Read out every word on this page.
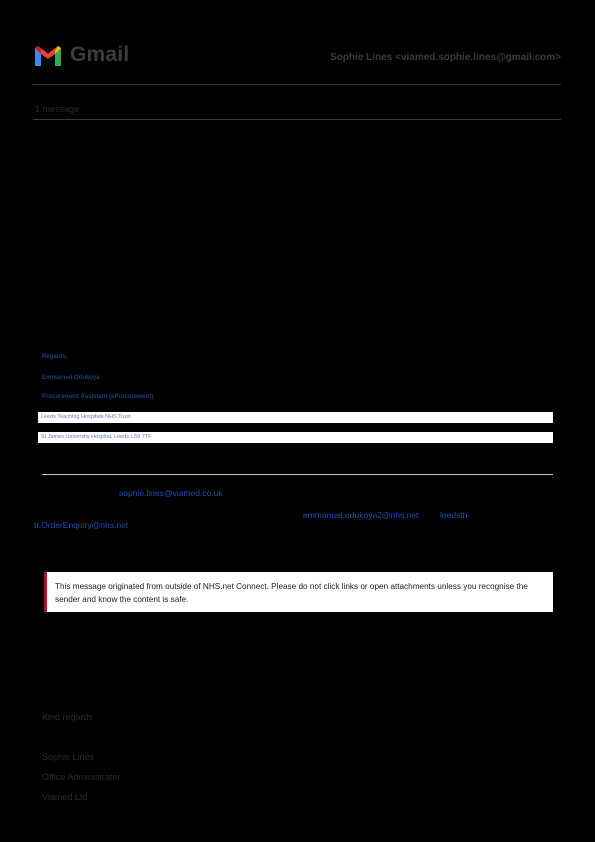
Gmail	Sophie Lines <viamed.sophie.lines@gmail.com>
1 message
Regards,
Emmanuel Odukoya
Procurement Assistant (eProcurement)
Leeds Teaching Hospitals NHS Trust
St James University Hospital, Leeds LS9 7TF
sophie.lines@viamed.co.uk
emmanuel.odukoya2@nhs.net	leedsth-
tr.OrderEnquiry@nhs.net
This message originated from outside of NHS.net Connect. Please do not click links or open attachments unless you recognise the sender and know the content is safe.
Kind regards
Sophie Lines
Office Administrator
Viamed Ltd
